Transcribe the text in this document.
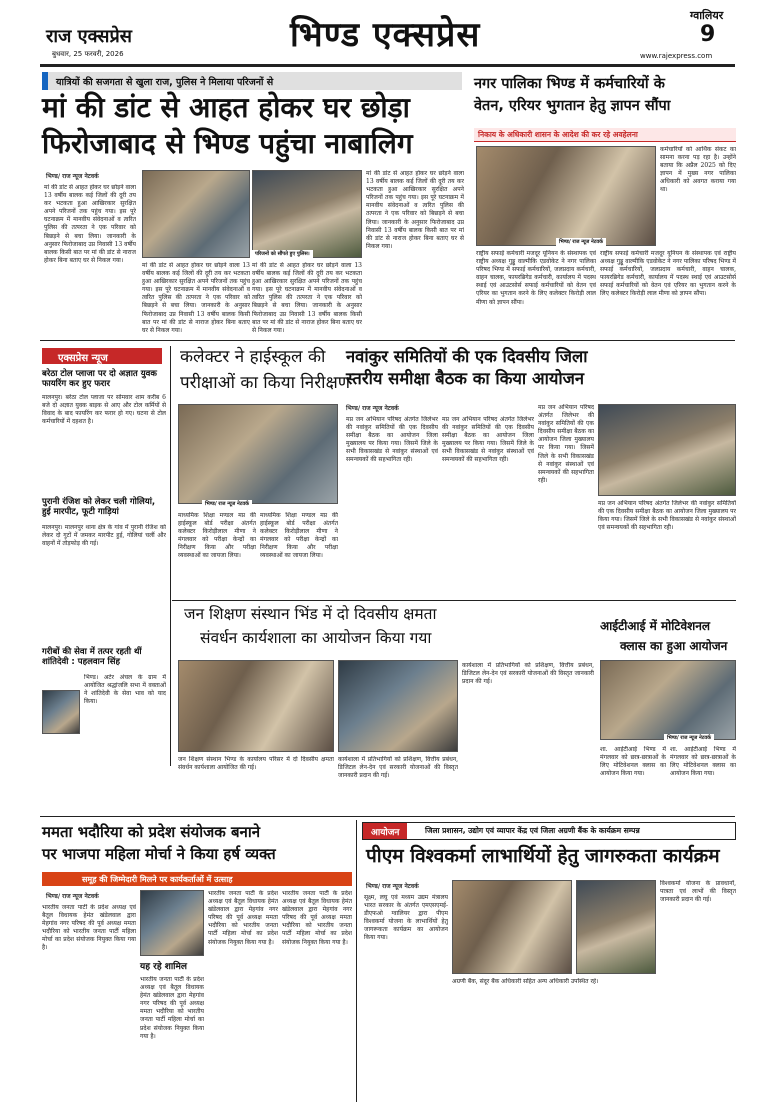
राज एक्सप्रेस
बुधवार, 25 फरवरी, 2026	भिण्ड एक्सप्रेस	ग्वालियर
9
www.rajexpress.com
यात्रियों की सजगता से खुला राज, पुलिस ने मिलाया परिजनों से
मां की डांट से आहत होकर घर छोड़ा
फिरोजाबाद से भिण्ड पहुंचा नाबालिग
भिण्ड/ राज न्यूज नेटवर्क
मां की डांट से आहत होकर घर छोड़ने वाला 13 वर्षीय बालक कई जिलों की दूरी तय कर भटकता हुआ आखिरकार सुरक्षित अपने परिजनों तक पहुंच गया। इस पूरे घटनाक्रम में मानवीय संवेदनाओं व त्वरित पुलिस की तत्परता ने एक परिवार को बिछड़ने से बचा लिया। जानकारी के अनुसार फिरोजाबाद उप्र निवासी 13 वर्षीय बालक किसी बात पर मां की डांट से नाराज होकर बिना बताए घर से निकल गया।
परिजनों को सौंपते हुए पुलिस।
मां की डांट से आहत होकर घर छोड़ने वाला 13 वर्षीय बालक कई जिलों की दूरी तय कर भटकता हुआ आखिरकार सुरक्षित अपने परिजनों तक पहुंच गया। इस पूरे घटनाक्रम में मानवीय संवेदनाओं व त्वरित पुलिस की तत्परता ने एक परिवार को बिछड़ने से बचा लिया। जानकारी के अनुसार फिरोजाबाद उप्र निवासी 13 वर्षीय बालक किसी बात पर मां की डांट से नाराज होकर बिना बताए घर से निकल गया।
मां की डांट से आहत होकर घर छोड़ने वाला 13 वर्षीय बालक कई जिलों की दूरी तय कर भटकता हुआ आखिरकार सुरक्षित अपने परिजनों तक पहुंच गया। इस पूरे घटनाक्रम में मानवीय संवेदनाओं व त्वरित पुलिस की तत्परता ने एक परिवार को बिछड़ने से बचा लिया। जानकारी के अनुसार फिरोजाबाद उप्र निवासी 13 वर्षीय बालक किसी बात पर मां की डांट से नाराज होकर बिना बताए घर से निकल गया।
मां की डांट से आहत होकर घर छोड़ने वाला 13 वर्षीय बालक कई जिलों की दूरी तय कर भटकता हुआ आखिरकार सुरक्षित अपने परिजनों तक पहुंच गया। इस पूरे घटनाक्रम में मानवीय संवेदनाओं व त्वरित पुलिस की तत्परता ने एक परिवार को बिछड़ने से बचा लिया। जानकारी के अनुसार फिरोजाबाद उप्र निवासी 13 वर्षीय बालक किसी बात पर मां की डांट से नाराज होकर बिना बताए घर से निकल गया।
नगर पालिका भिण्ड में कर्मचारियों के
वेतन, एरियर भुगतान हेतु ज्ञापन सौंपा
निकाय के अधिकारी शासन के आदेश की कर रहे अवहेलना
भिण्ड/ राज न्यूज नेटवर्क
कर्मचारियों को आर्थिक संकट का सामना करना पड़ रहा है। उन्होंने बताया कि अप्रैल 2025 को दिए ज्ञापन में मुख्य नगर पालिका अधिकारी को अवगत कराया गया था।
राष्ट्रीय सफाई कर्मचारी मजदूर यूनियन के संस्थापक एवं राष्ट्रीय अध्यक्ष गुड्डू वाल्मीकि एडवोकेट ने नगर पालिका परिषद भिण्ड में सफाई कर्मचारियों, जलप्रदाय कर्मचारी, वाहन चालक, फायरब्रिगेड कर्मचारी, कार्यालय में पदस्थ स्थाई एवं आउटसोर्स सफाई कर्मचारियों को वेतन एवं एरियर का भुगतान करने के लिए कलेक्टर किरोड़ी लाल मीणा को ज्ञापन सौंपा।
राष्ट्रीय सफाई कर्मचारी मजदूर यूनियन के संस्थापक एवं राष्ट्रीय अध्यक्ष गुड्डू वाल्मीकि एडवोकेट ने नगर पालिका परिषद भिण्ड में सफाई कर्मचारियों, जलप्रदाय कर्मचारी, वाहन चालक, फायरब्रिगेड कर्मचारी, कार्यालय में पदस्थ स्थाई एवं आउटसोर्स सफाई कर्मचारियों को वेतन एवं एरियर का भुगतान करने के लिए कलेक्टर किरोड़ी लाल मीणा को ज्ञापन सौंपा।
एक्सप्रेस न्यूज
बरेठा टोल प्लाजा पर दो अज्ञात युवक फायरिंग कर हुए फरार
मालनपुर। बरेठा टोल प्लाजा पर सोमवार शाम करीब 6 बजे दो अज्ञात युवक बाइक से आए और टोल कर्मियों से विवाद के बाद फायरिंग कर फरार हो गए। घटना से टोल कर्मचारियों में दहशत है।
पुरानी रंजिश को लेकर चली गोलियां, हुई मारपीट, फूटी गाड़ियां
मालनपुर। मालनपुर थाना क्षेत्र के गांव में पुरानी रंजिश को लेकर दो गुटों में जमकर मारपीट हुई, गोलियां चलीं और वाहनों में तोड़फोड़ की गई।
गरीबों की सेवा में तत्पर रहती थीं शांतिदेवी : पहलवान सिंह
भिण्ड। अटेर अंचल के ग्राम में आयोजित श्रद्धांजलि सभा में वक्ताओं ने शांतिदेवी के सेवा भाव को याद किया।
कलेक्टर ने हाईस्कूल की
परीक्षाओं का किया निरीक्षण
भिण्ड/ राज न्यूज नेटवर्क
माध्यमिक शिक्षा मण्डल मप्र की हाईस्कूल बोर्ड परीक्षा अंतर्गत कलेक्टर किरोड़ीलाल मीणा ने मंगलवार को परीक्षा केन्द्रों का निरीक्षण किया और परीक्षा व्यवस्थाओं का जायजा लिया।
माध्यमिक शिक्षा मण्डल मप्र की हाईस्कूल बोर्ड परीक्षा अंतर्गत कलेक्टर किरोड़ीलाल मीणा ने मंगलवार को परीक्षा केन्द्रों का निरीक्षण किया और परीक्षा व्यवस्थाओं का जायजा लिया।
नवांकुर समितियों की एक दिवसीय जिला
स्तरीय समीक्षा बैठक का किया आयोजन
भिण्ड/ राज न्यूज नेटवर्क
मप्र जन अभियान परिषद अंतर्गत जिलेभर की नवांकुर समितियों की एक दिवसीय समीक्षा बैठक का आयोजन जिला मुख्यालय पर किया गया। जिसमें जिले के सभी विकासखंड से नवांकुर संस्थाओं एवं समन्वयकों की सहभागिता रही।
मप्र जन अभियान परिषद अंतर्गत जिलेभर की नवांकुर समितियों की एक दिवसीय समीक्षा बैठक का आयोजन जिला मुख्यालय पर किया गया। जिसमें जिले के सभी विकासखंड से नवांकुर संस्थाओं एवं समन्वयकों की सहभागिता रही।
मप्र जन अभियान परिषद अंतर्गत जिलेभर की नवांकुर समितियों की एक दिवसीय समीक्षा बैठक का आयोजन जिला मुख्यालय पर किया गया। जिसमें जिले के सभी विकासखंड से नवांकुर संस्थाओं एवं समन्वयकों की सहभागिता रही।
मप्र जन अभियान परिषद अंतर्गत जिलेभर की नवांकुर समितियों की एक दिवसीय समीक्षा बैठक का आयोजन जिला मुख्यालय पर किया गया। जिसमें जिले के सभी विकासखंड से नवांकुर संस्थाओं एवं समन्वयकों की सहभागिता रही।
जन शिक्षण संस्थान भिंड में दो दिवसीय क्षमता
संवर्धन कार्यशाला का आयोजन किया गया
जन शिक्षण संस्थान भिण्ड के कार्यालय परिसर में दो दिवसीय क्षमता संवर्धन कार्यशाला आयोजित की गई।
कार्यशाला में प्रतिभागियों को प्रशिक्षण, वित्तीय प्रबंधन, डिजिटल लेन-देन एवं सरकारी योजनाओं की विस्तृत जानकारी प्रदान की गई।
कार्यशाला में प्रतिभागियों को प्रशिक्षण, वित्तीय प्रबंधन, डिजिटल लेन-देन एवं सरकारी योजनाओं की विस्तृत जानकारी प्रदान की गई।
आईटीआई में मोटिवेशनल
क्लास का हुआ आयोजन
भिण्ड/ राज न्यूज नेटवर्क
शा. आईटीआई भिण्ड में मंगलवार को छात्र-छात्राओं के लिए मोटिवेशनल क्लास का आयोजन किया गया।
शा. आईटीआई भिण्ड में मंगलवार को छात्र-छात्राओं के लिए मोटिवेशनल क्लास का आयोजन किया गया।
ममता भदौरिया को प्रदेश संयोजक बनाने
पर भाजपा महिला मोर्चा ने किया हर्ष व्यक्त
समूह की जिम्मेदारी मिलने पर कार्यकर्ताओं में उत्साह
भिण्ड/ राज न्यूज नेटवर्क
भारतीय जनता पार्टी के प्रदेश अध्यक्ष एवं बैतूल विधायक हेमंत खंडेलवाल द्वारा मेहगांव नगर परिषद की पूर्व अध्यक्ष ममता भदौरिया को भारतीय जनता पार्टी महिला मोर्चा का प्रदेश संयोजक नियुक्त किया गया है।
यह रहे शामिल
भारतीय जनता पार्टी के प्रदेश अध्यक्ष एवं बैतूल विधायक हेमंत खंडेलवाल द्वारा मेहगांव नगर परिषद की पूर्व अध्यक्ष ममता भदौरिया को भारतीय जनता पार्टी महिला मोर्चा का प्रदेश संयोजक नियुक्त किया गया है।
भारतीय जनता पार्टी के प्रदेश अध्यक्ष एवं बैतूल विधायक हेमंत खंडेलवाल द्वारा मेहगांव नगर परिषद की पूर्व अध्यक्ष ममता भदौरिया को भारतीय जनता पार्टी महिला मोर्चा का प्रदेश संयोजक नियुक्त किया गया है।
भारतीय जनता पार्टी के प्रदेश अध्यक्ष एवं बैतूल विधायक हेमंत खंडेलवाल द्वारा मेहगांव नगर परिषद की पूर्व अध्यक्ष ममता भदौरिया को भारतीय जनता पार्टी महिला मोर्चा का प्रदेश संयोजक नियुक्त किया गया है।
आयोजन	जिला प्रशासन, उद्योग एवं व्यापार केंद्र एवं जिला अग्रणी बैंक के कार्यक्रम सम्पन्न
पीएम विश्वकर्मा लाभार्थियों हेतु जागरुकता कार्यक्रम
भिण्ड/ राज न्यूज नेटवर्क
सूक्ष्म, लघु एवं मध्यम उद्यम मंत्रालय भारत सरकार के अंतर्गत एमएसएमई-डीएफओ ग्वालियर द्वारा पीएम विश्वकर्मा योजना के लाभार्थियों हेतु जागरूकता कार्यक्रम का आयोजन किया गया।
अग्रणी बैंक, संदूर बैंक अधिकारी सहित अन्य अधिकारी उपस्थित रहे।
विश्वकर्मा योजना के प्रावधानों, पात्रता एवं लाभों की विस्तृत जानकारी प्रदान की गई।
